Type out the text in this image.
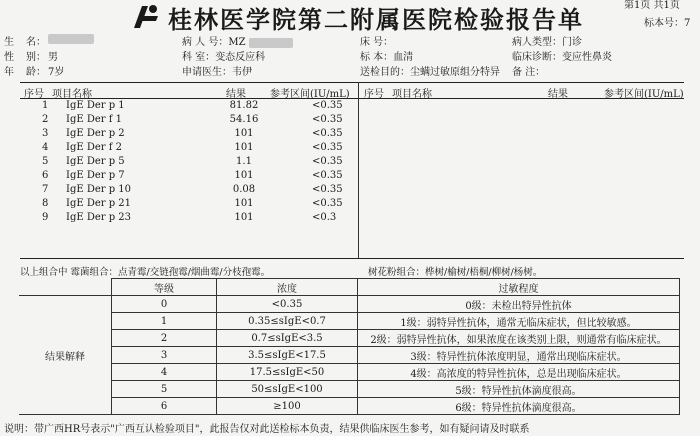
桂林医学院第二附属医院检验报告单	第1页 共1页
标本号：7
生 名：
性 别： 男
年 龄： 7岁
病 人 号：MZ
科 室：变态反应科
申请医生：韦伊
床 号：
标 本：血清
送检目的：尘螨过敏原组分特异
病人类型：门诊
临床诊断：变应性鼻炎
备 注：
序号 项目名称	结果 参考区间(IU/mL) 序号 项目名称	结果	参考区间(IU/mL)
1 IgE Der p 1	81.82	<0.35
2 IgE Der f 1	54.16	<0.35
3 IgE Der p 2	101	<0.35
4 IgE Der f 2	101	<0.35
5 IgE Der p 5	1.1	<0.35
6 IgE Der p 7	101	<0.35
7 IgE Der p 10	0.08	<0.35
8 IgE Der p 21	101	<0.35
9 IgE Der p 23	101	<0.3
以上组合中 霉菌组合：点青霉/交链孢霉/烟曲霉/分枝孢霉。	树花粉组合：桦树/榆树/梧桐/柳树/杨树。
	等级	浓度	过敏程度
结果解释	0	<0.35	0级：未检出特异性抗体
	1	0.35≤sIgE<0.7	1级：弱特异性抗体，通常无临床症状，但比较敏感。
	2	0.7≤sIgE<3.5	2级：弱特异性抗体，如果浓度在该类别上限，则通常有临床症状。
	3	3.5≤sIgE<17.5	3级：特异性抗体浓度明显，通常出现临床症状。
	4	17.5≤sIgE<50	4级：高浓度的特异性抗体，总是出现临床症状。
	5	50≤sIgE<100	5级：特异性抗体滴度很高。
	6	≥100	6级：特异性抗体滴度很高。
说明：带广西HR号表示"广西互认检验项目"，此报告仅对此送检标本负责，结果供临床医生参考，如有疑问请及时联系
